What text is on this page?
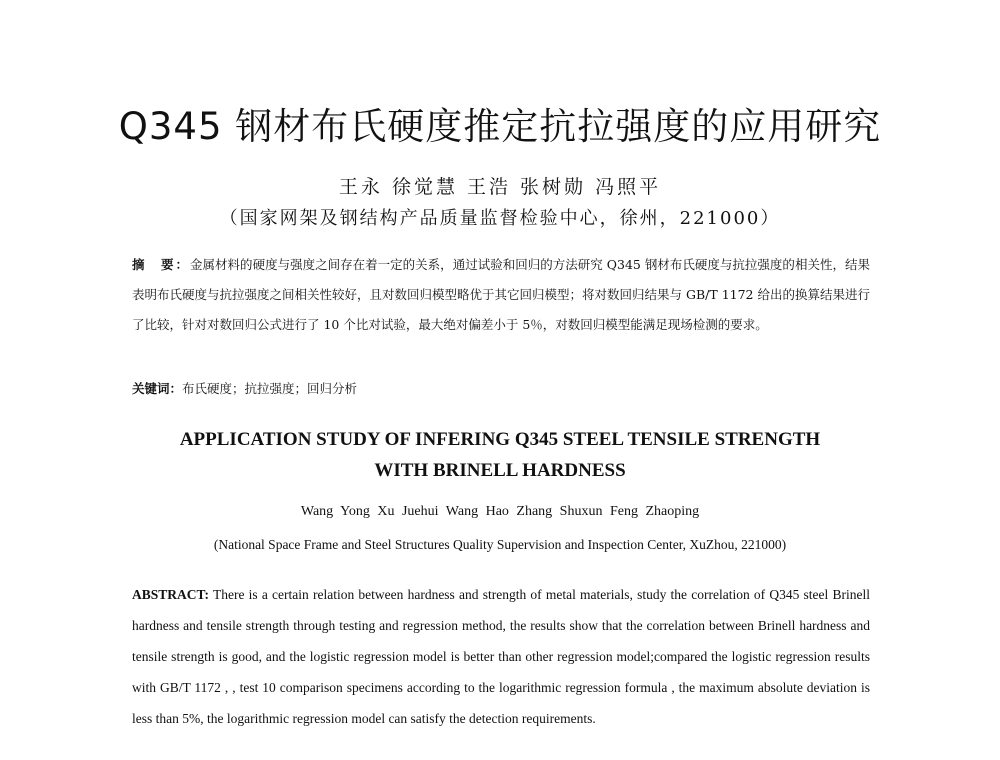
Q345 钢材布氏硬度推定抗拉强度的应用研究
王永 徐觉慧 王浩 张树勋 冯照平
（国家网架及钢结构产品质量监督检验中心，徐州，221000）
摘　要：金属材料的硬度与强度之间存在着一定的关系，通过试验和回归的方法研究 Q345 钢材布氏硬度与抗拉强度的相关性，结果表明布氏硬度与抗拉强度之间相关性较好，且对数回归模型略优于其它回归模型；将对数回归结果与 GB/T 1172 给出的换算结果进行了比较，针对对数回归公式进行了 10 个比对试验，最大绝对偏差小于 5％，对数回归模型能满足现场检测的要求。
关键词：布氏硬度；抗拉强度；回归分析
APPLICATION STUDY OF INFERING Q345 STEEL TENSILE STRENGTH
WITH BRINELL HARDNESS
Wang Yong Xu Juehui Wang Hao Zhang Shuxun Feng Zhaoping
(National Space Frame and Steel Structures Quality Supervision and Inspection Center, XuZhou, 221000)
ABSTRACT: There is a certain relation between hardness and strength of metal materials, study the correlation of Q345 steel Brinell hardness and tensile strength through testing and regression method, the results show that the correlation between Brinell hardness and tensile strength is good, and the logistic regression model is better than other regression model;compared the logistic regression results with GB/T 1172 , , test 10 comparison specimens according to the logarithmic regression formula , the maximum absolute deviation is less than 5%, the logarithmic regression model can satisfy the detection requirements.
